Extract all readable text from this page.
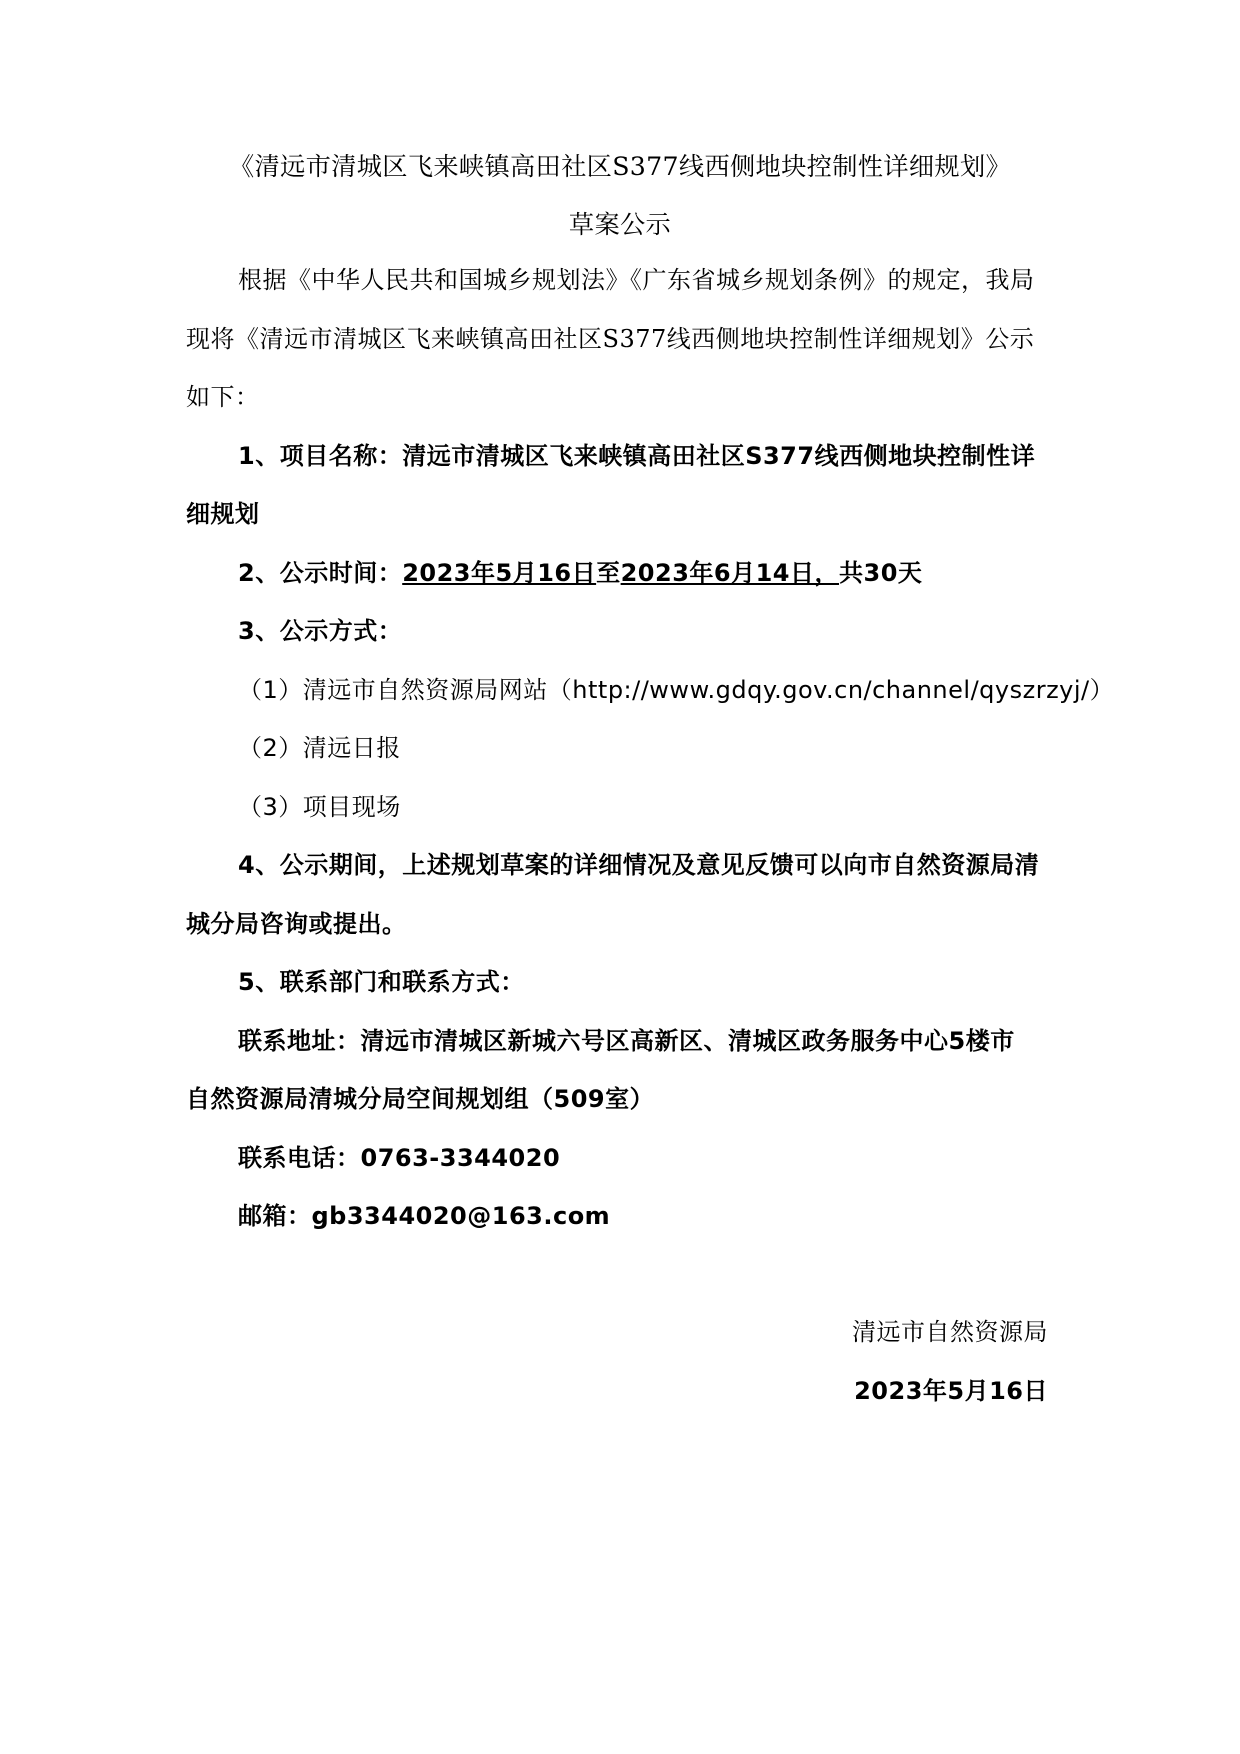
《清远市清城区飞来峡镇高田社区S377线西侧地块控制性详细规划》
草案公示
根据《中华人民共和国城乡规划法》《广东省城乡规划条例》的规定，我局
现将《清远市清城区飞来峡镇高田社区S377线西侧地块控制性详细规划》公示
如下：
1、项目名称：清远市清城区飞来峡镇高田社区S377线西侧地块控制性详
细规划
2、公示时间：2023年5月16日至2023年6月14日，共30天
3、公示方式：
（1）清远市自然资源局网站（http://www.gdqy.gov.cn/channel/qyszrzyj/）
（2）清远日报
（3）项目现场
4、公示期间，上述规划草案的详细情况及意见反馈可以向市自然资源局清
城分局咨询或提出。
5、联系部门和联系方式：
联系地址：清远市清城区新城六号区高新区、清城区政务服务中心5楼市
自然资源局清城分局空间规划组（509室）
联系电话：0763-3344020
邮箱：gb3344020@163.com
清远市自然资源局
2023年5月16日
